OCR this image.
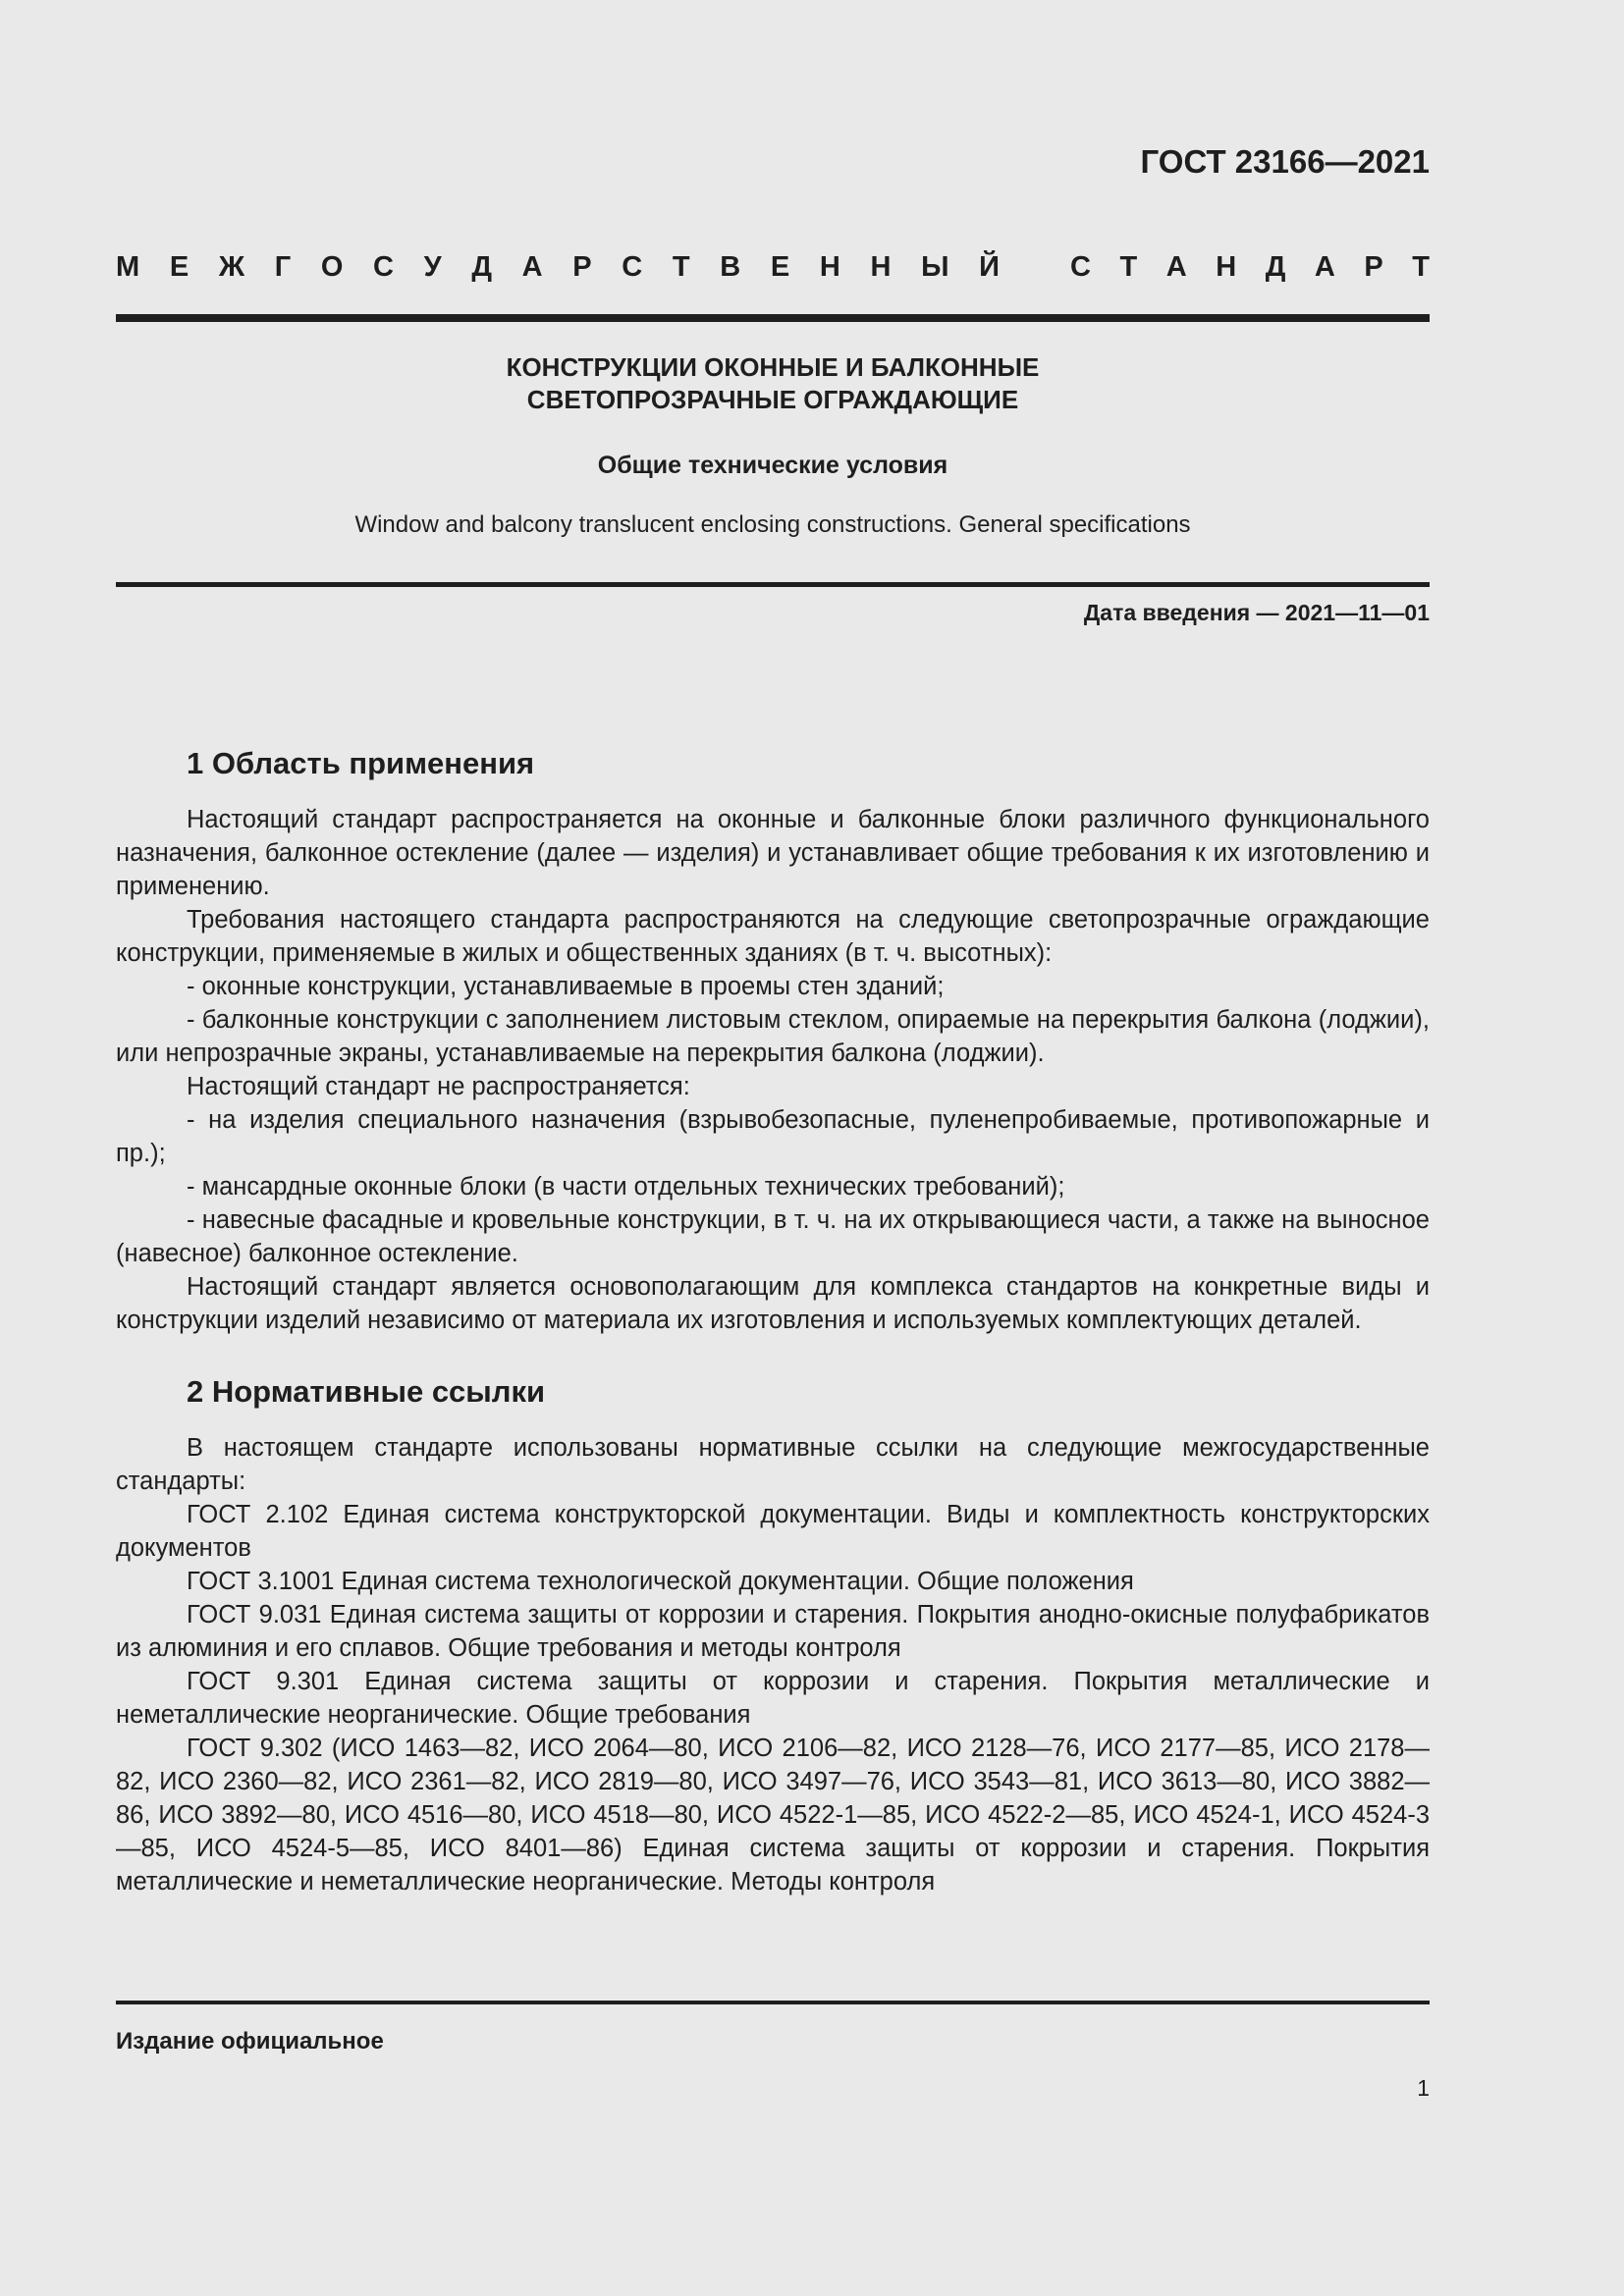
ГОСТ 23166—2021
М Е Ж Г О С У Д А Р С Т В Е Н Н Ы Й С Т А Н Д А Р Т
КОНСТРУКЦИИ ОКОННЫЕ И БАЛКОННЫЕ
СВЕТОПРОЗРАЧНЫЕ ОГРАЖДАЮЩИЕ
Общие технические условия
Window and balcony translucent enclosing constructions. General specifications
Дата введения — 2021—11—01
1 Область применения

Настоящий стандарт распространяется на оконные и балконные блоки различного функционального назначения, балконное остекление (далее — изделия) и устанавливает общие требования к их изготовлению и применению.

Требования настоящего стандарта распространяются на следующие светопрозрачные ограждающие конструкции, применяемые в жилых и общественных зданиях (в т. ч. высотных):

- оконные конструкции, устанавливаемые в проемы стен зданий;

- балконные конструкции с заполнением листовым стеклом, опираемые на перекрытия балкона (лоджии), или непрозрачные экраны, устанавливаемые на перекрытия балкона (лоджии).

Настоящий стандарт не распространяется:

- на изделия специального назначения (взрывобезопасные, пуленепробиваемые, противопожарные и пр.);

- мансардные оконные блоки (в части отдельных технических требований);

- навесные фасадные и кровельные конструкции, в т. ч. на их открывающиеся части, а также на выносное (навесное) балконное остекление.

Настоящий стандарт является основополагающим для комплекса стандартов на конкретные виды и конструкции изделий независимо от материала их изготовления и используемых комплектующих деталей.

2 Нормативные ссылки

В настоящем стандарте использованы нормативные ссылки на следующие межгосударственные стандарты:

ГОСТ 2.102 Единая система конструкторской документации. Виды и комплектность конструкторских документов

ГОСТ 3.1001 Единая система технологической документации. Общие положения

ГОСТ 9.031 Единая система защиты от коррозии и старения. Покрытия анодно-окисные полуфабрикатов из алюминия и его сплавов. Общие требования и методы контроля

ГОСТ 9.301 Единая система защиты от коррозии и старения. Покрытия металлические и неметаллические неорганические. Общие требования

ГОСТ 9.302 (ИСО 1463—82, ИСО 2064—80, ИСО 2106—82, ИСО 2128—76, ИСО 2177—85, ИСО 2178—82, ИСО 2360—82, ИСО 2361—82, ИСО 2819—80, ИСО 3497—76, ИСО 3543—81, ИСО 3613—80, ИСО 3882—86, ИСО 3892—80, ИСО 4516—80, ИСО 4518—80, ИСО 4522-1—85, ИСО 4522-2—85, ИСО 4524-1, ИСО 4524-3—85, ИСО 4524-5—85, ИСО 8401—86) Единая система защиты от коррозии и старения. Покрытия металлические и неметаллические неорганические. Методы контроля

Издание официальное
1
